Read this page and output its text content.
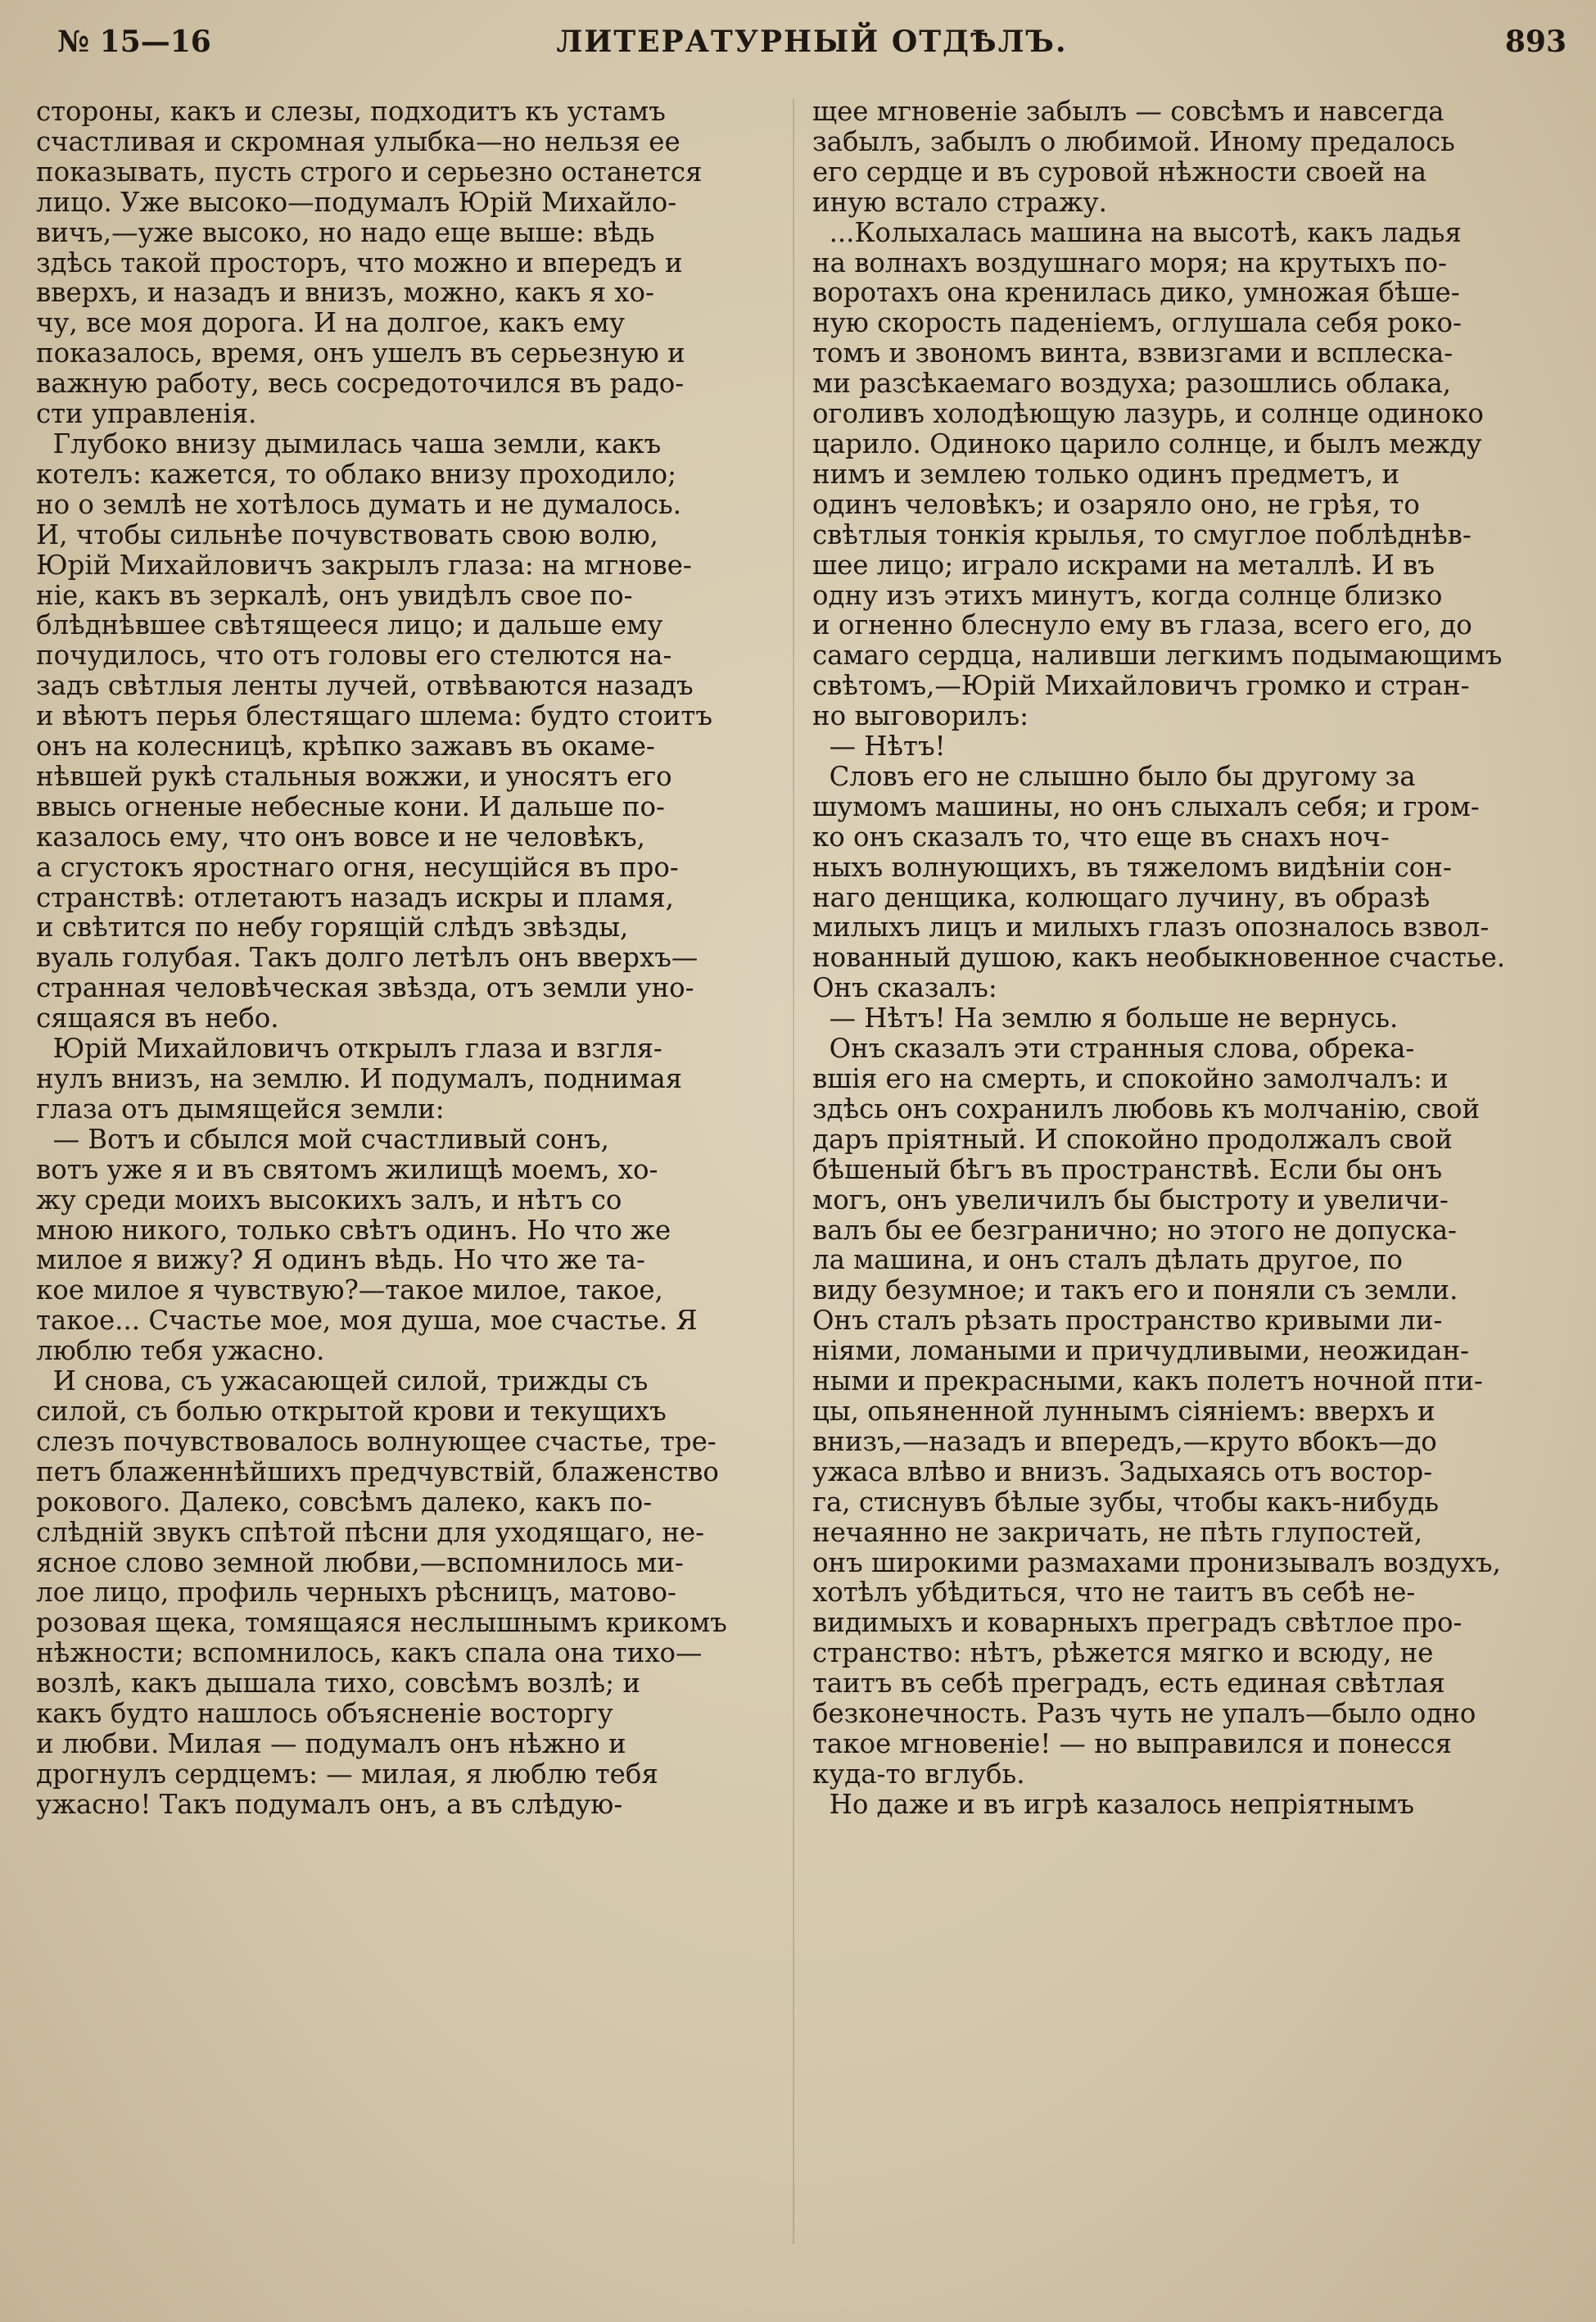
№ 15—16	ЛИТЕРАТУРНЫЙ ОТДѢЛЪ.	893
стороны, какъ и слезы, подходитъ къ устамъ
счастливая и скромная улыбка—но нельзя ее
показывать, пусть строго и серьезно останется
лицо. Уже высоко—подумалъ Юрій Михайло-
вичъ,—уже высоко, но надо еще выше: вѣдь
здѣсь такой просторъ, что можно и впередъ и
вверхъ, и назадъ и внизъ, можно, какъ я хо-
чу, все моя дорога. И на долгое, какъ ему
показалось, время, онъ ушелъ въ серьезную и
важную работу, весь сосредоточился въ радо-
сти управленія.
Глубоко внизу дымилась чаша земли, какъ
котелъ: кажется, то облако внизу проходило;
но о землѣ не хотѣлось думать и не думалось.
И, чтобы сильнѣе почувствовать свою волю,
Юрій Михайловичъ закрылъ глаза: на мгнове-
ніе, какъ въ зеркалѣ, онъ увидѣлъ свое по-
блѣднѣвшее свѣтящееся лицо; и дальше ему
почудилось, что отъ головы его стелются на-
задъ свѣтлыя ленты лучей, отвѣваются назадъ
и вѣютъ перья блестящаго шлема: будто стоитъ
онъ на колесницѣ, крѣпко зажавъ въ окаме-
нѣвшей рукѣ стальныя вожжи, и уносятъ его
ввысь огненые небесные кони. И дальше по-
казалось ему, что онъ вовсе и не человѣкъ,
а сгустокъ яростнаго огня, несущійся въ про-
странствѣ: отлетаютъ назадъ искры и пламя,
и свѣтится по небу горящій слѣдъ звѣзды,
вуаль голубая. Такъ долго летѣлъ онъ вверхъ—
странная человѣческая звѣзда, отъ земли уно-
сящаяся въ небо.
Юрій Михайловичъ открылъ глаза и взгля-
нулъ внизъ, на землю. И подумалъ, поднимая
глаза отъ дымящейся земли:
— Вотъ и сбылся мой счастливый сонъ,
вотъ уже я и въ святомъ жилищѣ моемъ, хо-
жу среди моихъ высокихъ залъ, и нѣтъ со
мною никого, только свѣтъ одинъ. Но что же
милое я вижу? Я одинъ вѣдь. Но что же та-
кое милое я чувствую?—такое милое, такое,
такое... Счастье мое, моя душа, мое счастье. Я
люблю тебя ужасно.
И снова, съ ужасающей силой, трижды съ
силой, съ болью открытой крови и текущихъ
слезъ почувствовалось волнующее счастье, тре-
петъ блаженнѣйшихъ предчувствій, блаженство
рокового. Далеко, совсѣмъ далеко, какъ по-
слѣдній звукъ спѣтой пѣсни для уходящаго, не-
ясное слово земной любви,—вспомнилось ми-
лое лицо, профиль черныхъ рѣсницъ, матово-
розовая щека, томящаяся неслышнымъ крикомъ
нѣжности; вспомнилось, какъ спала она тихо—
возлѣ, какъ дышала тихо, совсѣмъ возлѣ; и
какъ будто нашлось объясненіе восторгу
и любви. Милая — подумалъ онъ нѣжно и
дрогнулъ сердцемъ: — милая, я люблю тебя
ужасно! Такъ подумалъ онъ, а въ слѣдую-
щее мгновеніе забылъ — совсѣмъ и навсегда
забылъ, забылъ о любимой. Иному предалось
его сердце и въ суровой нѣжности своей на
иную встало стражу.
...Колыхалась машина на высотѣ, какъ ладья
на волнахъ воздушнаго моря; на крутыхъ по-
воротахъ она кренилась дико, умножая бѣше-
ную скорость паденіемъ, оглушала себя роко-
томъ и звономъ винта, взвизгами и всплеска-
ми разсѣкаемаго воздуха; разошлись облака,
оголивъ холодѣющую лазурь, и солнце одиноко
царило. Одиноко царило солнце, и былъ между
нимъ и землею только одинъ предметъ, и
одинъ человѣкъ; и озаряло оно, не грѣя, то
свѣтлыя тонкія крылья, то смуглое поблѣднѣв-
шее лицо; играло искрами на металлѣ. И въ
одну изъ этихъ минутъ, когда солнце близко
и огненно блеснуло ему въ глаза, всего его, до
самаго сердца, наливши легкимъ подымающимъ
свѣтомъ,—Юрій Михайловичъ громко и стран-
но выговорилъ:
— Нѣтъ!
Словъ его не слышно было бы другому за
шумомъ машины, но онъ слыхалъ себя; и гром-
ко онъ сказалъ то, что еще въ снахъ ноч-
ныхъ волнующихъ, въ тяжеломъ видѣніи сон-
наго денщика, колющаго лучину, въ образѣ
милыхъ лицъ и милыхъ глазъ опозналось взвол-
нованный душою, какъ необыкновенное счастье.
Онъ сказалъ:
— Нѣтъ! На землю я больше не вернусь.
Онъ сказалъ эти странныя слова, обрека-
вшія его на смерть, и спокойно замолчалъ: и
здѣсь онъ сохранилъ любовь къ молчанію, свой
даръ пріятный. И спокойно продолжалъ свой
бѣшеный бѣгъ въ пространствѣ. Если бы онъ
могъ, онъ увеличилъ бы быстроту и увеличи-
валъ бы ее безгранично; но этого не допуска-
ла машина, и онъ сталъ дѣлать другое, по
виду безумное; и такъ его и поняли съ земли.
Онъ сталъ рѣзать пространство кривыми ли-
ніями, ломаными и причудливыми, неожидан-
ными и прекрасными, какъ полетъ ночной пти-
цы, опьяненной луннымъ сіяніемъ: вверхъ и
внизъ,—назадъ и впередъ,—круто вбокъ—до
ужаса влѣво и внизъ. Задыхаясь отъ востор-
га, стиснувъ бѣлые зубы, чтобы какъ-нибудь
нечаянно не закричать, не пѣть глупостей,
онъ широкими размахами пронизывалъ воздухъ,
хотѣлъ убѣдиться, что не таитъ въ себѣ не-
видимыхъ и коварныхъ преградъ свѣтлое про-
странство: нѣтъ, рѣжется мягко и всюду, не
таитъ въ себѣ преградъ, есть единая свѣтлая
безконечность. Разъ чуть не упалъ—было одно
такое мгновеніе! — но выправился и понесся
куда-то вглубь.
Но даже и въ игрѣ казалось непріятнымъ
